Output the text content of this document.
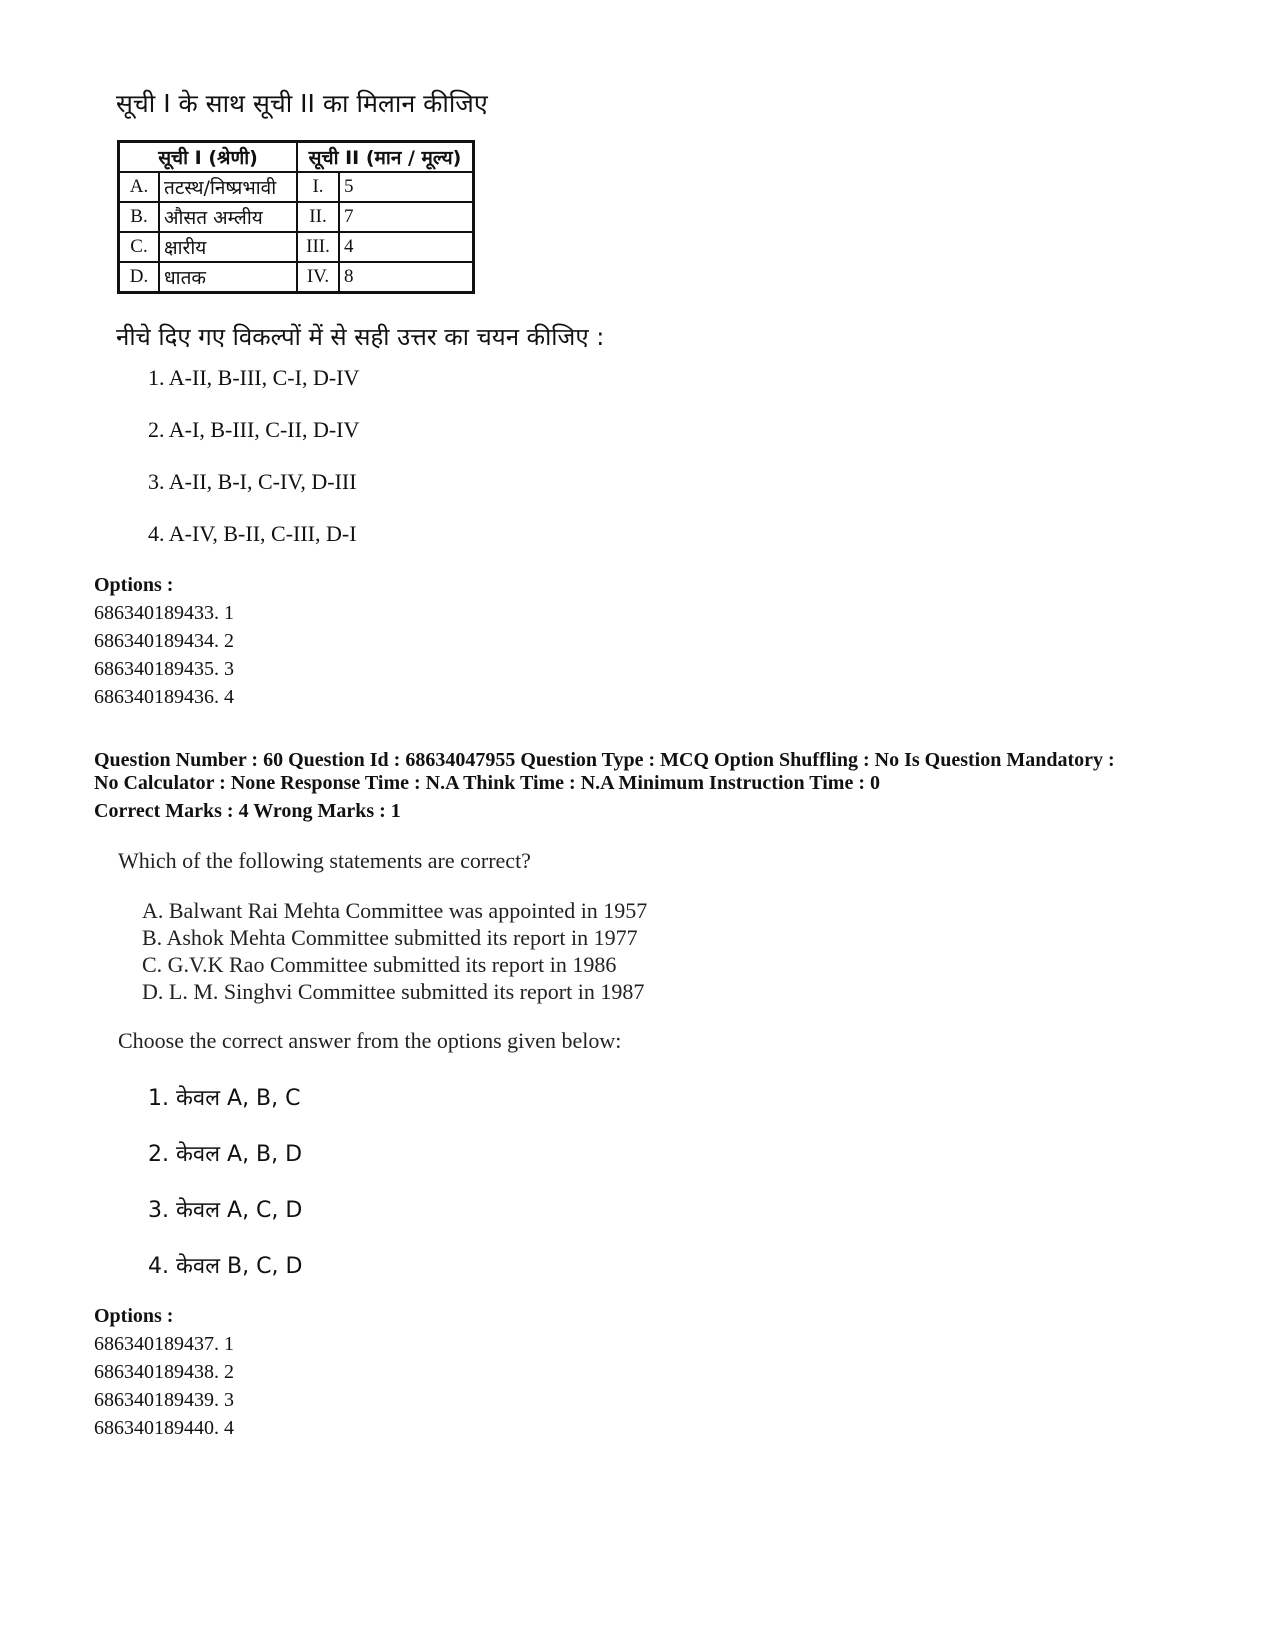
सूची I के साथ सूची II का मिलान कीजिए
सूची I (श्रेणी)		सूची II (मान / मूल्य)	
A.	तटस्थ/निष्प्रभावी	I.	5
B.	औसत अम्लीय	II.	7
C.	क्षारीय	III.	4
D.	धातक	IV.	8
नीचे दिए गए विकल्पों में से सही उत्तर का चयन कीजिए :
1. A-II, B-III, C-I, D-IV
2. A-I, B-III, C-II, D-IV
3. A-II, B-I, C-IV, D-III
4. A-IV, B-II, C-III, D-I
Options :
686340189433. 1
686340189434. 2
686340189435. 3
686340189436. 4
Question Number : 60 Question Id : 68634047955 Question Type : MCQ Option Shuffling : No Is Question Mandatory :
No Calculator : None Response Time : N.A Think Time : N.A Minimum Instruction Time : 0
Correct Marks : 4 Wrong Marks : 1
Which of the following statements are correct?
A. Balwant Rai Mehta Committee was appointed in 1957
B. Ashok Mehta Committee submitted its report in 1977
C. G.V.K Rao Committee submitted its report in 1986
D. L. M. Singhvi Committee submitted its report in 1987
Choose the correct answer from the options given below:
1. केवल A, B, C
2. केवल A, B, D
3. केवल A, C, D
4. केवल B, C, D
Options :
686340189437. 1
686340189438. 2
686340189439. 3
686340189440. 4
